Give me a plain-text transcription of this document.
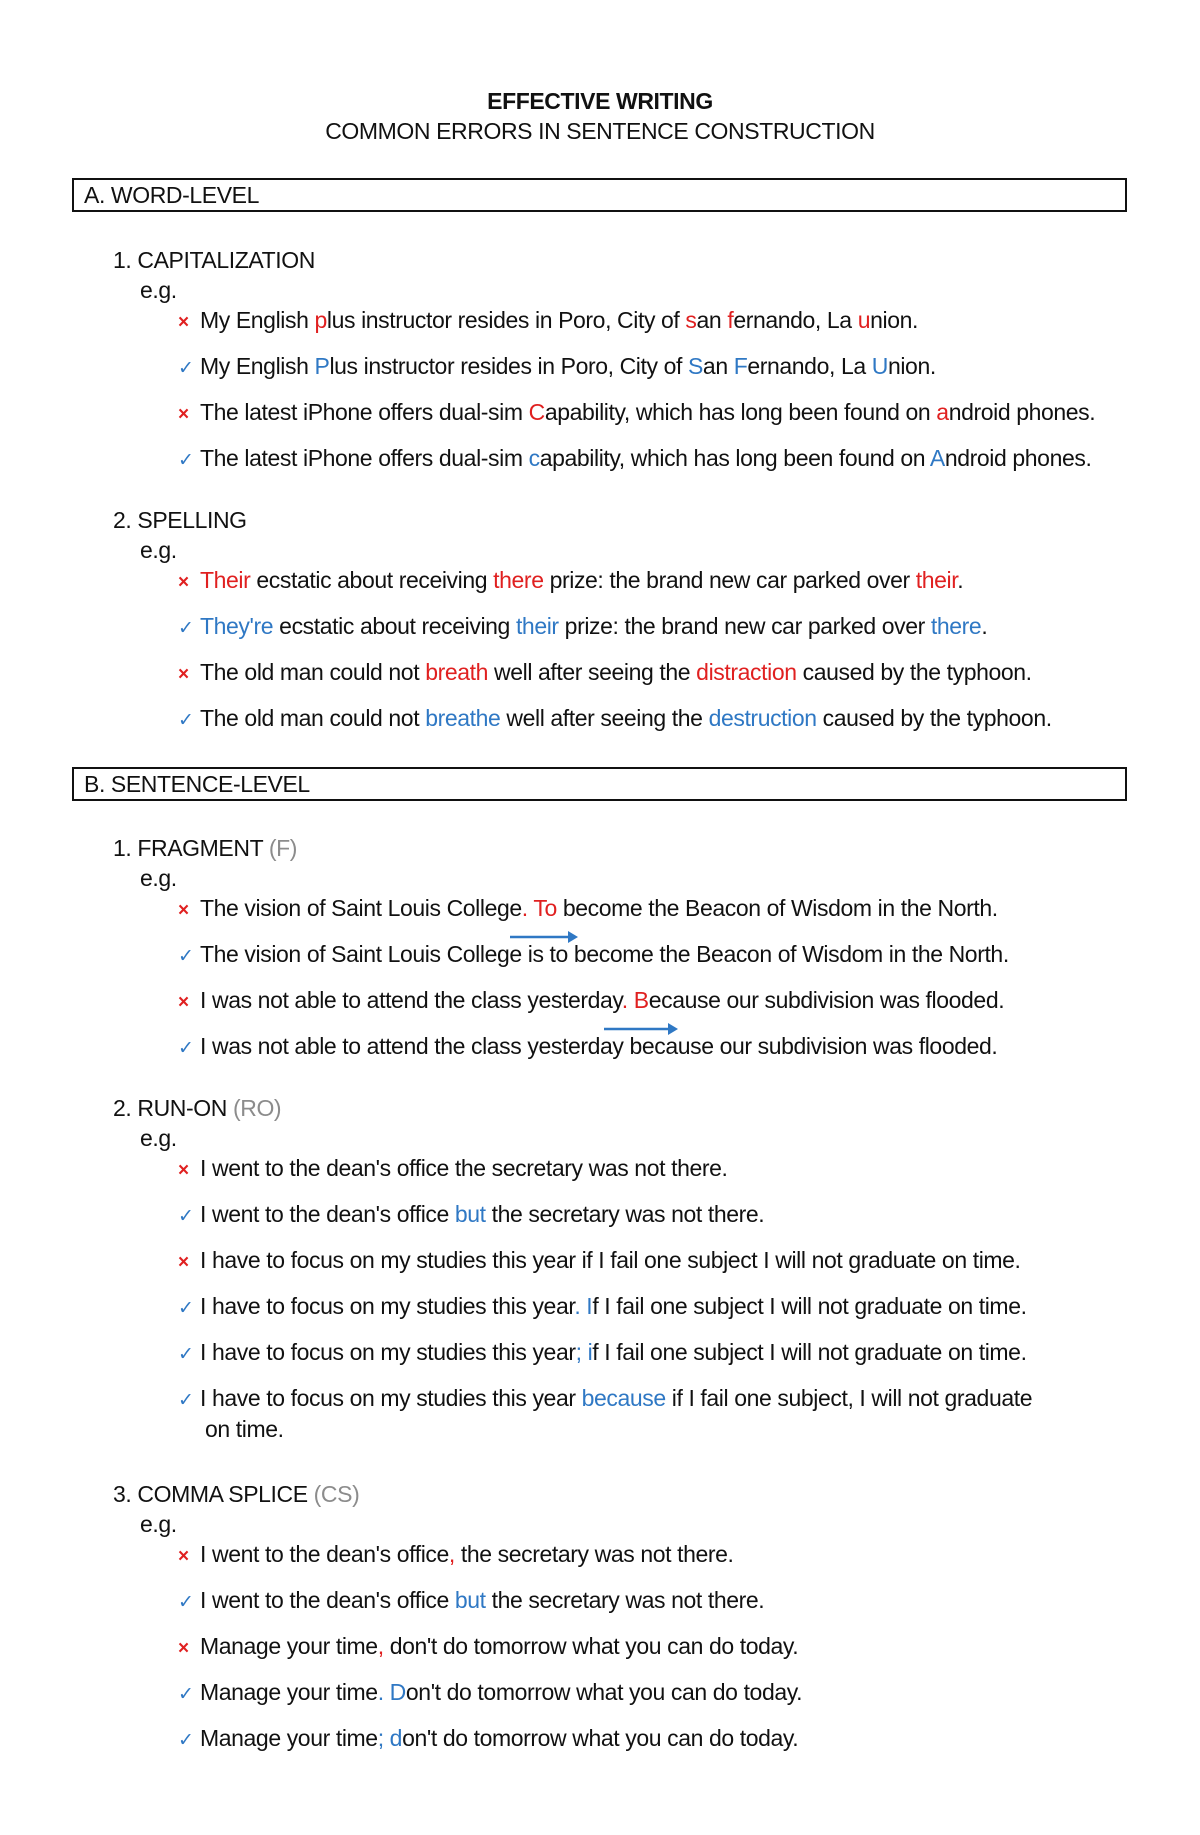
EFFECTIVE WRITING
COMMON ERRORS IN SENTENCE CONSTRUCTION
A. WORD-LEVEL
1. CAPITALIZATION
e.g.
× My English plus instructor resides in Poro, City of san fernando, La union.
✓ My English Plus instructor resides in Poro, City of San Fernando, La Union.
× The latest iPhone offers dual-sim Capability, which has long been found on android phones.
✓ The latest iPhone offers dual-sim capability, which has long been found on Android phones.
2. SPELLING
e.g.
× Their ecstatic about receiving there prize: the brand new car parked over their.
✓ They're ecstatic about receiving their prize: the brand new car parked over there.
× The old man could not breath well after seeing the distraction caused by the typhoon.
✓ The old man could not breathe well after seeing the destruction caused by the typhoon.
B. SENTENCE-LEVEL
1. FRAGMENT (F)
e.g.
× The vision of Saint Louis College. To become the Beacon of Wisdom in the North.
✓ The vision of Saint Louis College is to become the Beacon of Wisdom in the North.
× I was not able to attend the class yesterday. Because our subdivision was flooded.
✓ I was not able to attend the class yesterday because our subdivision was flooded.
2. RUN-ON (RO)
e.g.
× I went to the dean's office the secretary was not there.
✓ I went to the dean's office but the secretary was not there.
× I have to focus on my studies this year if I fail one subject I will not graduate on time.
✓ I have to focus on my studies this year. If I fail one subject I will not graduate on time.
✓ I have to focus on my studies this year; if I fail one subject I will not graduate on time.
✓ I have to focus on my studies this year because if I fail one subject, I will not graduate
on time.
3. COMMA SPLICE (CS)
e.g.
× I went to the dean's office, the secretary was not there.
✓ I went to the dean's office but the secretary was not there.
× Manage your time, don't do tomorrow what you can do today.
✓ Manage your time. Don't do tomorrow what you can do today.
✓ Manage your time; don't do tomorrow what you can do today.
